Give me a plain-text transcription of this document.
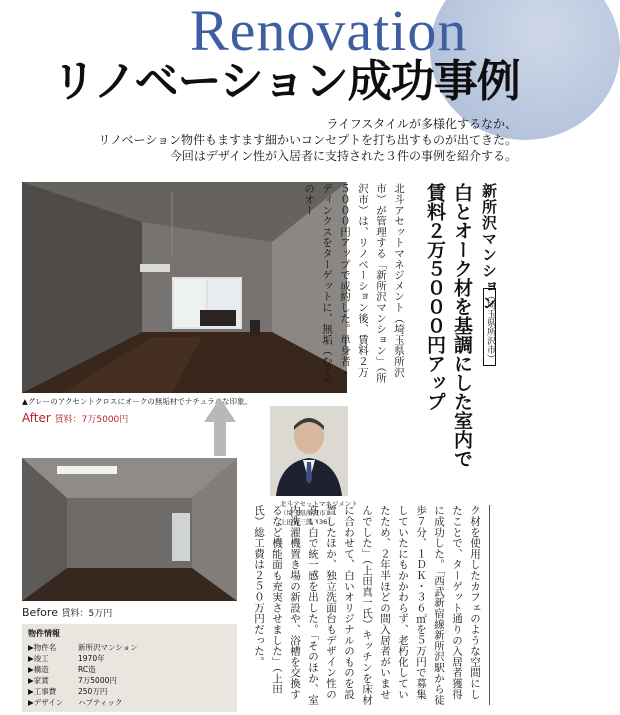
Renovation
リノベーション成功事例
ライフスタイルが多様化するなか、
リノベーション物件もますます細かいコンセプトを打ち出すものが出てきた。
今回はデザイン性が入居者に支持された３件の事例を紹介する。
▲グレーのアクセントクロスにオークの無垢材でナチュラルな印象。
After 賃料：7万5000円
Before 賃料：5万円
物件情報
▶物件名	新所沢マンション
▶竣工	1970年
▶構造	RC造
▶家賃	7万5000円
▶工事費	250万円
▶デザイン ハプティック
北斗アセットマネジメント
（埼玉県所沢市）
上田福三郎（36）
新所沢マンション
（埼玉県所沢市）
白とオーク材を基調にした室内で
賃料２万５０００円アップ
北斗アセットマネジメント（埼玉県所沢市）が管理する「新所沢マンション」（所沢市）は、リノベーション後、賃料２万５０００円アップで成約した。単身者・ディンクスをターゲットに、無垢（むく）のオー
ク材を使用したカフェのような空間にしたことで、ターゲット通りの入居者獲得に成功した。「西武新宿線新所沢駅から徒歩７分、１ＤＫ・３６㎡を５万円で募集していたにもかかわらず、老朽化していたため、２年半ほどの間入居者がいませんでした」（上田真一氏）キッチンを床材に合わせて、白いオリジナルのものを設置したほか、独立洗面台もデザイン性の高い白で統一感を出した。「そのほか、室内洗濯機置き場の新設や、浴槽を交換するなど機能面も充実させました」（上田氏）総工費は２５０万円だった。
